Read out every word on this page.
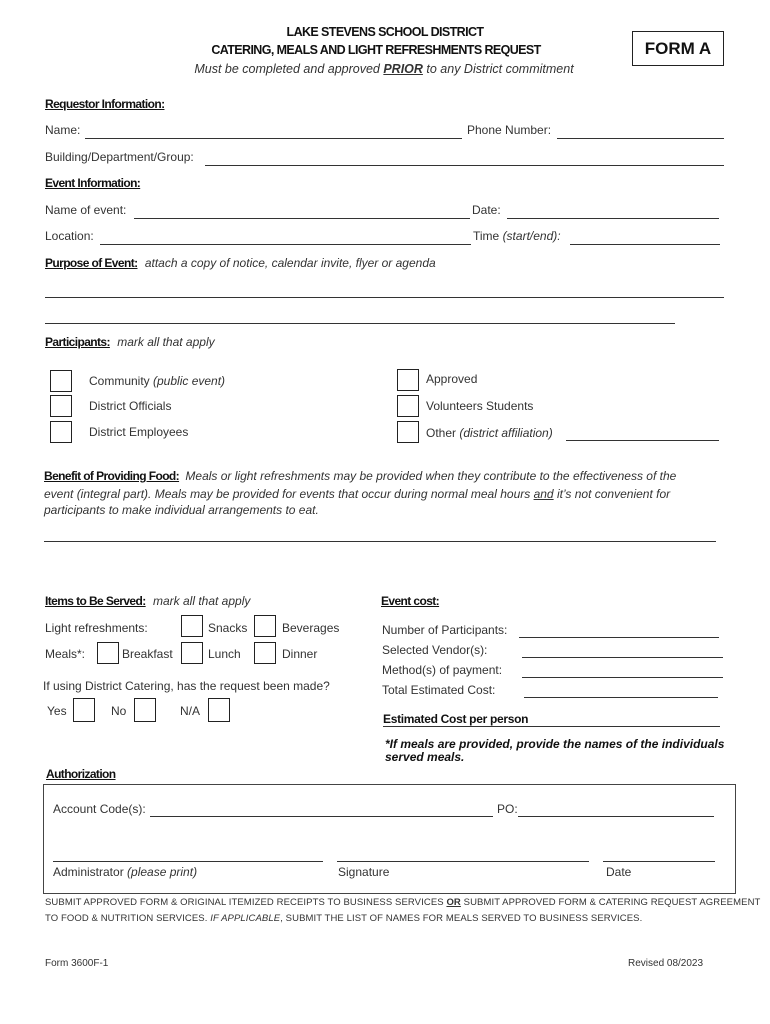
LAKE STEVENS SCHOOL DISTRICT
CATERING, MEALS AND LIGHT REFRESHMENTS REQUEST
Must be completed and approved PRIOR to any District commitment
FORM A
Requestor Information:
Name:	Phone Number:
Building/Department/Group:
Event Information:
Name of event:	Date:
Location:	Time (start/end):
Purpose of Event: attach a copy of notice, calendar invite, flyer or agenda
Participants: mark all that apply
Community (public event)
District Officials
District Employees
Approved
Volunteers Students
Other (district affiliation)
Benefit of Providing Food: Meals or light refreshments may be provided when they contribute to the effectiveness of the
event (integral part). Meals may be provided for events that occur during normal meal hours and it’s not convenient for
participants to make individual arrangements to eat.
Items to Be Served: mark all that apply
Light refreshments:	Snacks	Beverages
Meals*:	Breakfast	Lunch	Dinner
If using District Catering, has the request been made?
Yes	No	N/A
Event cost:
Number of Participants:
Selected Vendor(s):
Method(s) of payment:
Total Estimated Cost:
Estimated Cost per person
*If meals are provided, provide the names of the individuals
served meals.
Authorization
Account Code(s):	PO:
Administrator (please print)	Signature	Date
SUBMIT APPROVED FORM & ORIGINAL ITEMIZED RECEIPTS TO BUSINESS SERVICES OR SUBMIT APPROVED FORM & CATERING REQUEST AGREEMENT
TO FOOD & NUTRITION SERVICES. IF APPLICABLE, SUBMIT THE LIST OF NAMES FOR MEALS SERVED TO BUSINESS SERVICES.
Form 3600F-1	Revised 08/2023
